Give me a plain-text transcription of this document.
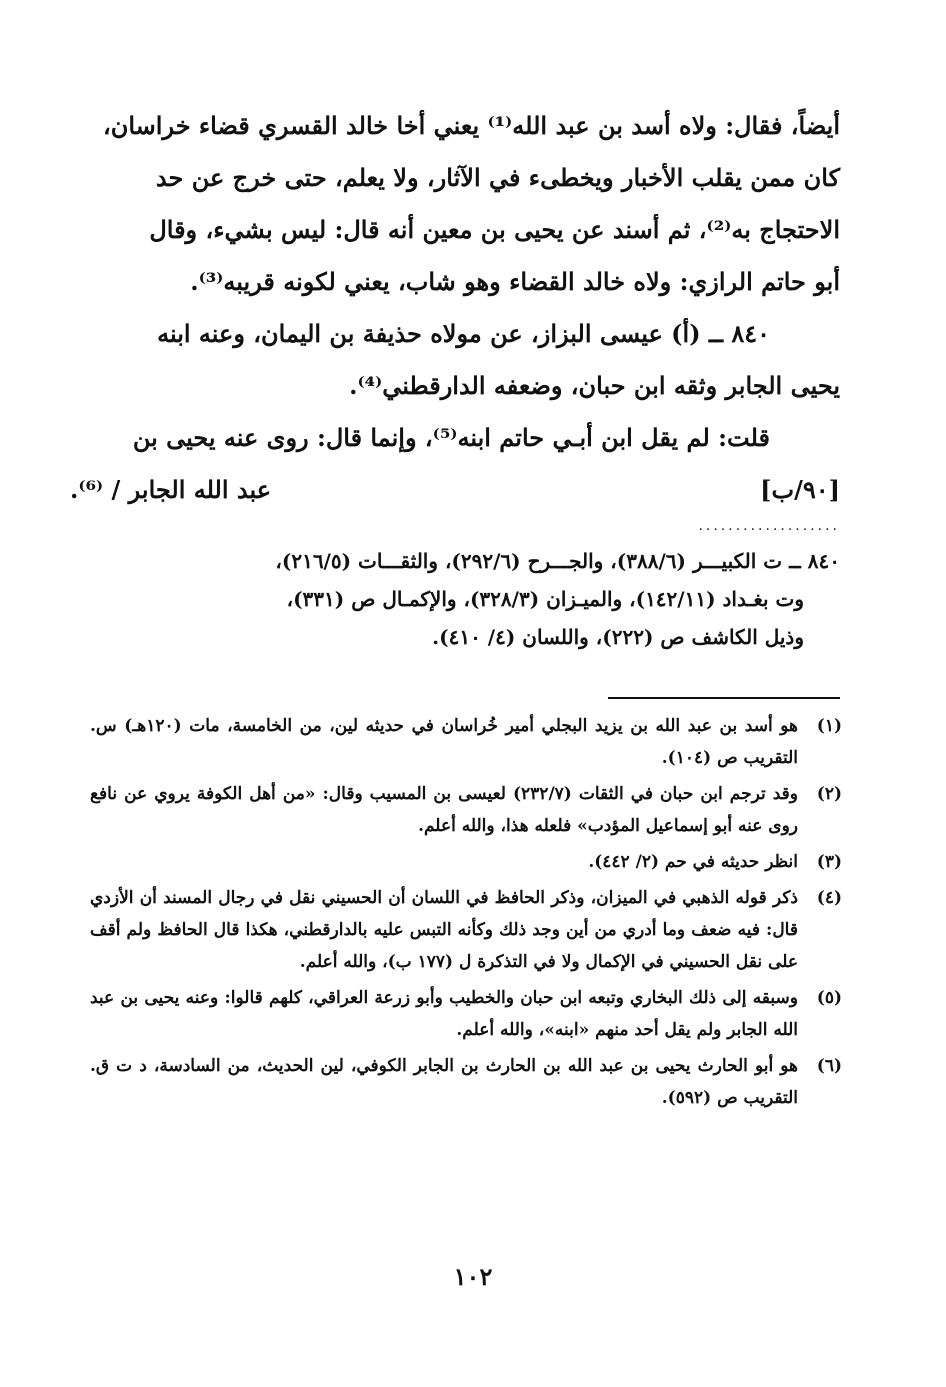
أيضاً، فقال: ولاه أسد بن عبد الله⁽¹⁾ يعني أخا خالد القسري قضاء خراسان،

كان ممن يقلب الأخبار ويخطىء في الآثار، ولا يعلم، حتى خرج عن حد

الاحتجاج به⁽²⁾، ثم أسند عن يحيى بن معين أنه قال: ليس بشيء، وقال

أبو حاتم الرازي: ولاه خالد القضاء وهو شاب، يعني لكونه قريبه⁽³⁾.

٨٤٠ ــ (أ) عيسى البزاز، عن مولاه حذيفة بن اليمان، وعنه ابنه

يحيى الجابر وثقه ابن حبان، وضعفه الدارقطني⁽⁴⁾.

قلت: لم يقل ابن أبـي حاتم ابنه⁽⁵⁾، وإنما قال: روى عنه يحيى بن

[٩٠/ب]
عبد الله الجابر / ⁽⁶⁾.

...................

٨٤٠ ــ ت الكبيـــر (٣٨٨/٦)، والجـــرح (٢٩٢/٦)، والثقـــات (٢١٦/٥)،

وت بغـداد (١٤٢/١١)، والميـزان (٣٢٨/٣)، والإكمـال ص (٣٣١)،

وذيل الكاشف ص (٢٢٢)، واللسان (٤/ ٤١٠).

(١)
هو أسد بن عبد الله بن يزيد البجلي أمير خُراسان في حديثه لين، من الخامسة، مات (١٢٠هـ) س. التقريب ص (١٠٤).
(٢)
وقد ترجم ابن حبان في الثقات (٢٣٢/٧) لعيسى بن المسيب وقال: «من أهل الكوفة يروي عن نافع روى عنه أبو إسماعيل المؤدب» فلعله هذا، والله أعلم.
(٣)
انظر حديثه في حم (٢/ ٤٤٢).
(٤)
ذكر قوله الذهبي في الميزان، وذكر الحافظ في اللسان أن الحسيني نقل في رجال المسند أن الأزدي قال: فيه ضعف وما أدري من أين وجد ذلك وكأنه التبس عليه بالدارقطني، هكذا قال الحافظ ولم أقف على نقل الحسيني في الإكمال ولا في التذكرة ل (١٧٧ ب)، والله أعلم.
(٥)
وسبقه إلى ذلك البخاري وتبعه ابن حبان والخطيب وأبو زرعة العراقي، كلهم قالوا: وعنه يحيى بن عبد الله الجابر ولم يقل أحد منهم «ابنه»، والله أعلم.
(٦)
هو أبو الحارث يحيى بن عبد الله بن الحارث بن الجابر الكوفي، لين الحديث، من السادسة، د ت ق. التقريب ص (٥٩٢).
١٠٢
